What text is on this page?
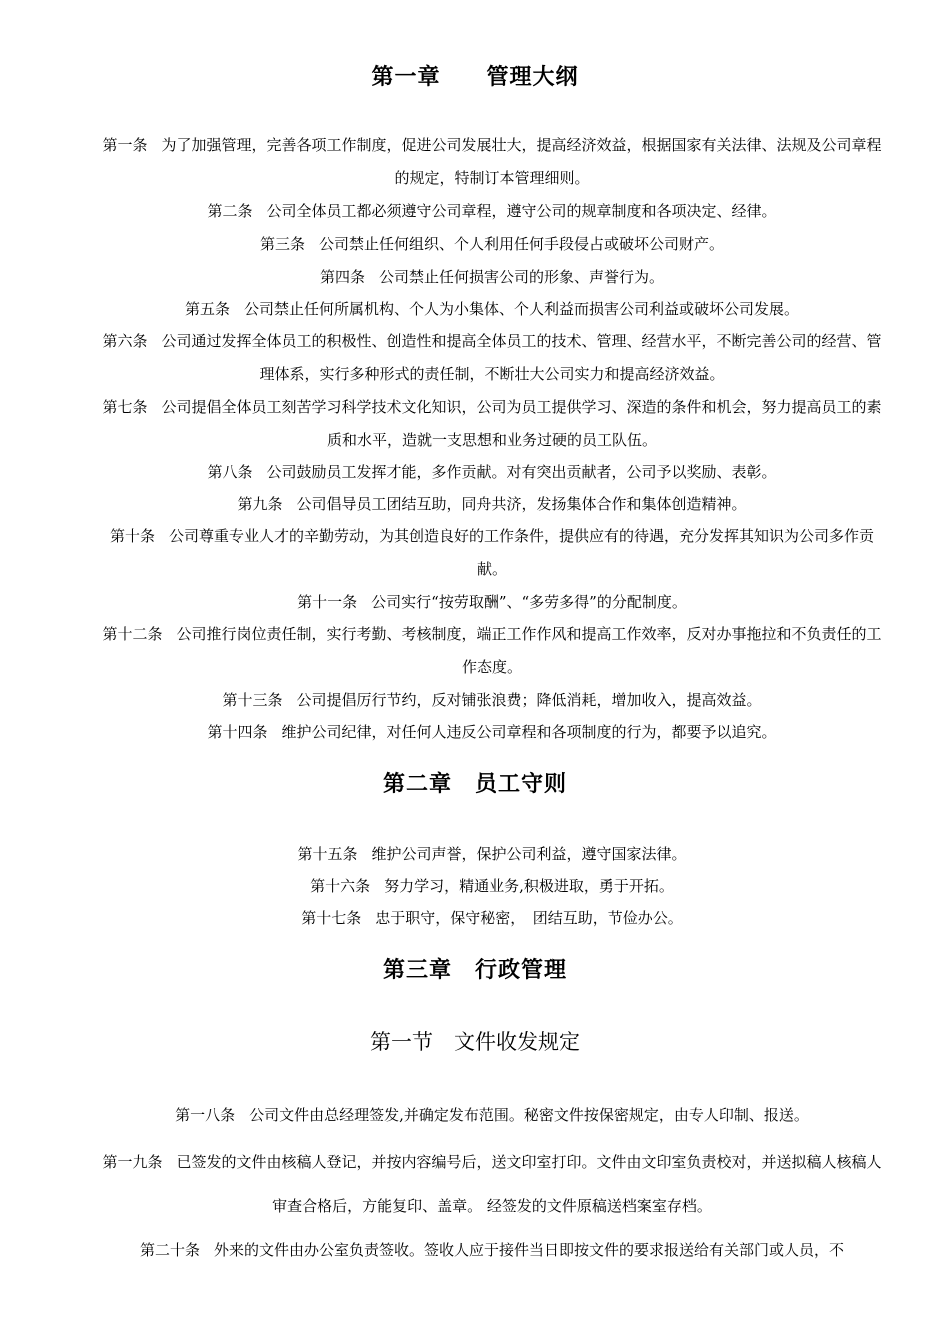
第一章　　管理大纲
第一条 为了加强管理，完善各项工作制度，促进公司发展壮大，提高经济效益，根据国家有关法律、法规及公司章程的规定，特制订本管理细则。
第二条 公司全体员工都必须遵守公司章程，遵守公司的规章制度和各项决定、经律。
第三条 公司禁止任何组织、个人利用任何手段侵占或破坏公司财产。
第四条 公司禁止任何损害公司的形象、声誉行为。
第五条 公司禁止任何所属机构、个人为小集体、个人利益而损害公司利益或破坏公司发展。
第六条 公司通过发挥全体员工的积极性、创造性和提高全体员工的技术、管理、经营水平，不断完善公司的经营、管理体系，实行多种形式的责任制，不断壮大公司实力和提高经济效益。
第七条 公司提倡全体员工刻苦学习科学技术文化知识，公司为员工提供学习、深造的条件和机会，努力提高员工的素质和水平，造就一支思想和业务过硬的员工队伍。
第八条 公司鼓励员工发挥才能，多作贡献。对有突出贡献者，公司予以奖励、表彰。
第九条 公司倡导员工团结互助，同舟共济，发扬集体合作和集体创造精神。
第十条 公司尊重专业人才的辛勤劳动，为其创造良好的工作条件，提供应有的待遇，充分发挥其知识为公司多作贡献。
第十一条 公司实行“按劳取酬”、“多劳多得”的分配制度。
第十二条 公司推行岗位责任制，实行考勤、考核制度，端正工作作风和提高工作效率，反对办事拖拉和不负责任的工作态度。
第十三条 公司提倡厉行节约，反对铺张浪费；降低消耗，增加收入，提高效益。
第十四条 维护公司纪律，对任何人违反公司章程和各项制度的行为，都要予以追究。
第二章　员工守则
第十五条 维护公司声誉，保护公司利益，遵守国家法律。
第十六条 努力学习，精通业务,积极进取，勇于开拓。
第十七条 忠于职守，保守秘密，　团结互助，节俭办公。
第三章　行政管理
第一节　文件收发规定
第一八条 公司文件由总经理签发,并确定发布范围。秘密文件按保密规定，由专人印制、报送。
第一九条 已签发的文件由核稿人登记，并按内容编号后，送文印室打印。文件由文印室负责校对，并送拟稿人核稿人审查合格后，方能复印、盖章。 经签发的文件原稿送档案室存档。
第二十条 外来的文件由办公室负责签收。签收人应于接件当日即按文件的要求报送给有关部门或人员，不
